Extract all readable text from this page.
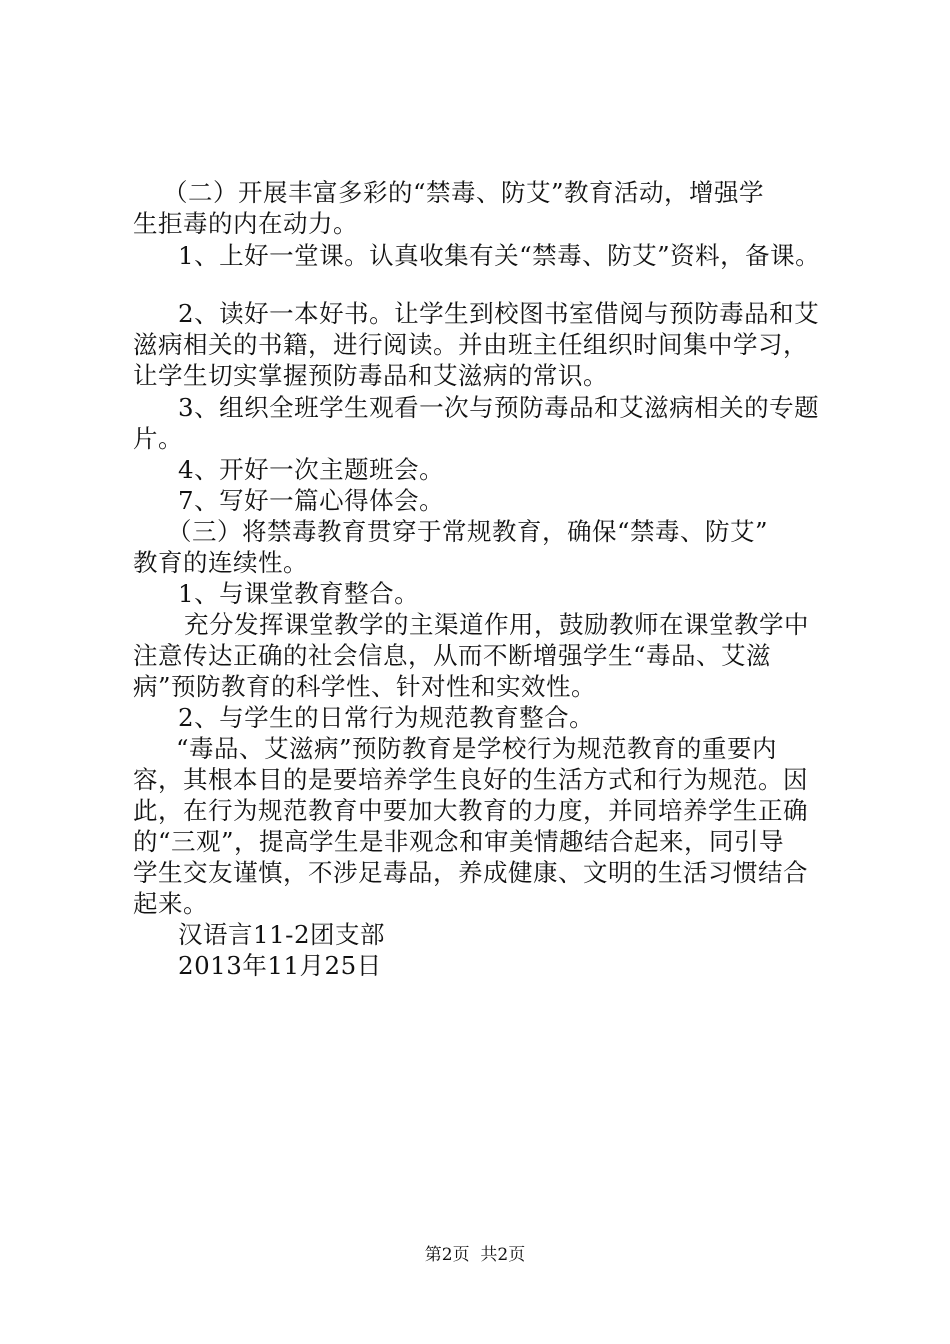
（二）开展丰富多彩的“禁毒、防艾”教育活动，增强学
生拒毒的内在动力。
1、上好一堂课。认真收集有关“禁毒、防艾”资料，备课。
2、读好一本好书。让学生到校图书室借阅与预防毒品和艾
滋病相关的书籍，进行阅读。并由班主任组织时间集中学习，
让学生切实掌握预防毒品和艾滋病的常识。
3、组织全班学生观看一次与预防毒品和艾滋病相关的专题
片。
4、开好一次主题班会。
7、写好一篇心得体会。
（三）将禁毒教育贯穿于常规教育，确保“禁毒、防艾”
教育的连续性。
1、与课堂教育整合。
充分发挥课堂教学的主渠道作用，鼓励教师在课堂教学中
注意传达正确的社会信息，从而不断增强学生“毒品、艾滋
病”预防教育的科学性、针对性和实效性。
2、与学生的日常行为规范教育整合。
“毒品、艾滋病”预防教育是学校行为规范教育的重要内
容，其根本目的是要培养学生良好的生活方式和行为规范。因
此，在行为规范教育中要加大教育的力度，并同培养学生正确
的“三观”，提高学生是非观念和审美情趣结合起来，同引导
学生交友谨慎，不涉足毒品，养成健康、文明的生活习惯结合
起来。
汉语言11-2团支部
2013年11月25日
第2页  共2页
